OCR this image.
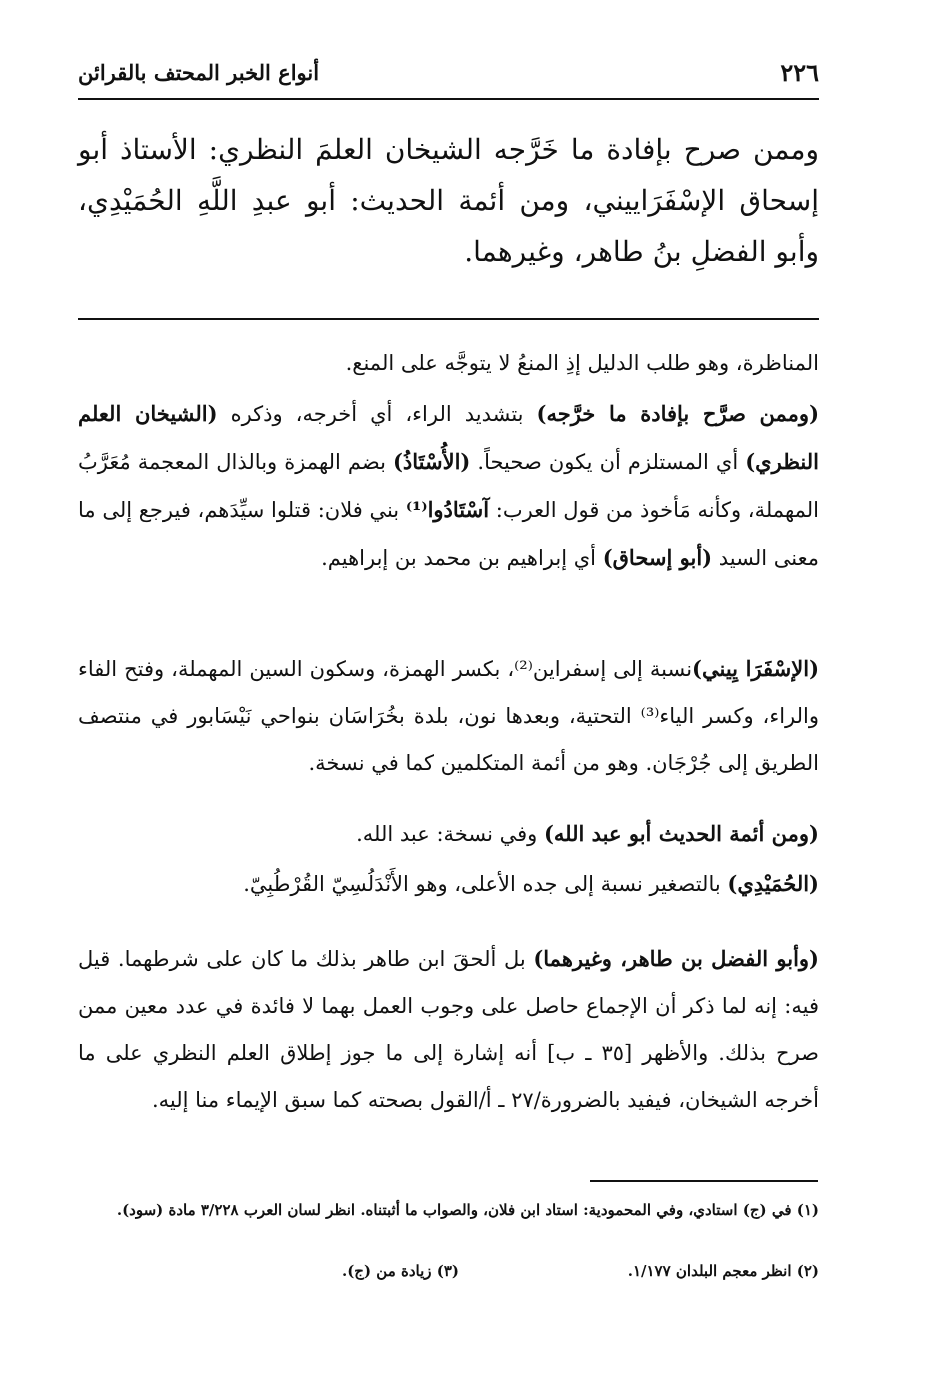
٢٢٦
أنواع الخبر المحتف بالقرائن
وممن صرح بإفادة ما خَرَّجه الشيخان العلمَ النظري: الأستاذ أبو إسحاق الإسْفَرَاييني، ومن أئمة الحديث: أبو عبدِ اللَّهِ الحُمَيْدِي، وأبو الفضلِ بنُ طاهر، وغيرهما.

المناظرة، وهو طلب الدليل إذِ المنعُ لا يتوجَّه على المنع.

(وممن صرَّح بإفادة ما خرَّجه) بتشديد الراء، أي أخرجه، وذكره (الشيخان العلم النظري) أي المستلزم أن يكون صحيحاً. (الأُسْتَاذُ) بضم الهمزة وبالذال المعجمة مُعَرَّبُ المهملة، وكأنه مَأخوذ من قول العرب: آسْتَادُوا⁽¹⁾ بني فلان: قتلوا سيِّدَهم، فيرجع إلى ما معنى السيد (أبو إسحاق) أي إبراهيم بن محمد بن إبراهيم.

(الإسْفَرَا يِيني)نسبة إلى إسفراين⁽²⁾، بكسر الهمزة، وسكون السين المهملة، وفتح الفاء والراء، وكسر الياء⁽³⁾ التحتية، وبعدها نون، بلدة بخُرَاسَان بنواحي نَيْسَابور في منتصف الطريق إلى جُرْجَان. وهو من أئمة المتكلمين كما في نسخة.

(ومن أئمة الحديث أبو عبد الله) وفي نسخة: عبد الله.

(الحُمَيْدِي) بالتصغير نسبة إلى جده الأعلى، وهو الأَنْدَلُسِيّ القُرْطُبِيّ.

(وأبو الفضل بن طاهر، وغيرهما) بل ألحقَ ابن طاهر بذلك ما كان على شرطهما. قيل فيه: إنه لما ذكر أن الإجماع حاصل على وجوب العمل بهما لا فائدة في عدد معين ممن صرح بذلك. والأظهر [٣٥ ـ ب] أنه إشارة إلى ما جوز إطلاق العلم النظري على ما أخرجه الشيخان، فيفيد بالضرورة/٢٧ ـ أ/القول بصحته كما سبق الإيماء منا إليه.

(١) في (ج) استادي، وفي المحمودية: استاد ابن فلان، والصواب ما أثبتناه. انظر لسان العرب ٣/٢٢٨ مادة (سود).

(٢) انظر معجم البلدان ١/١٧٧.
(٣) زيادة من (ج).
